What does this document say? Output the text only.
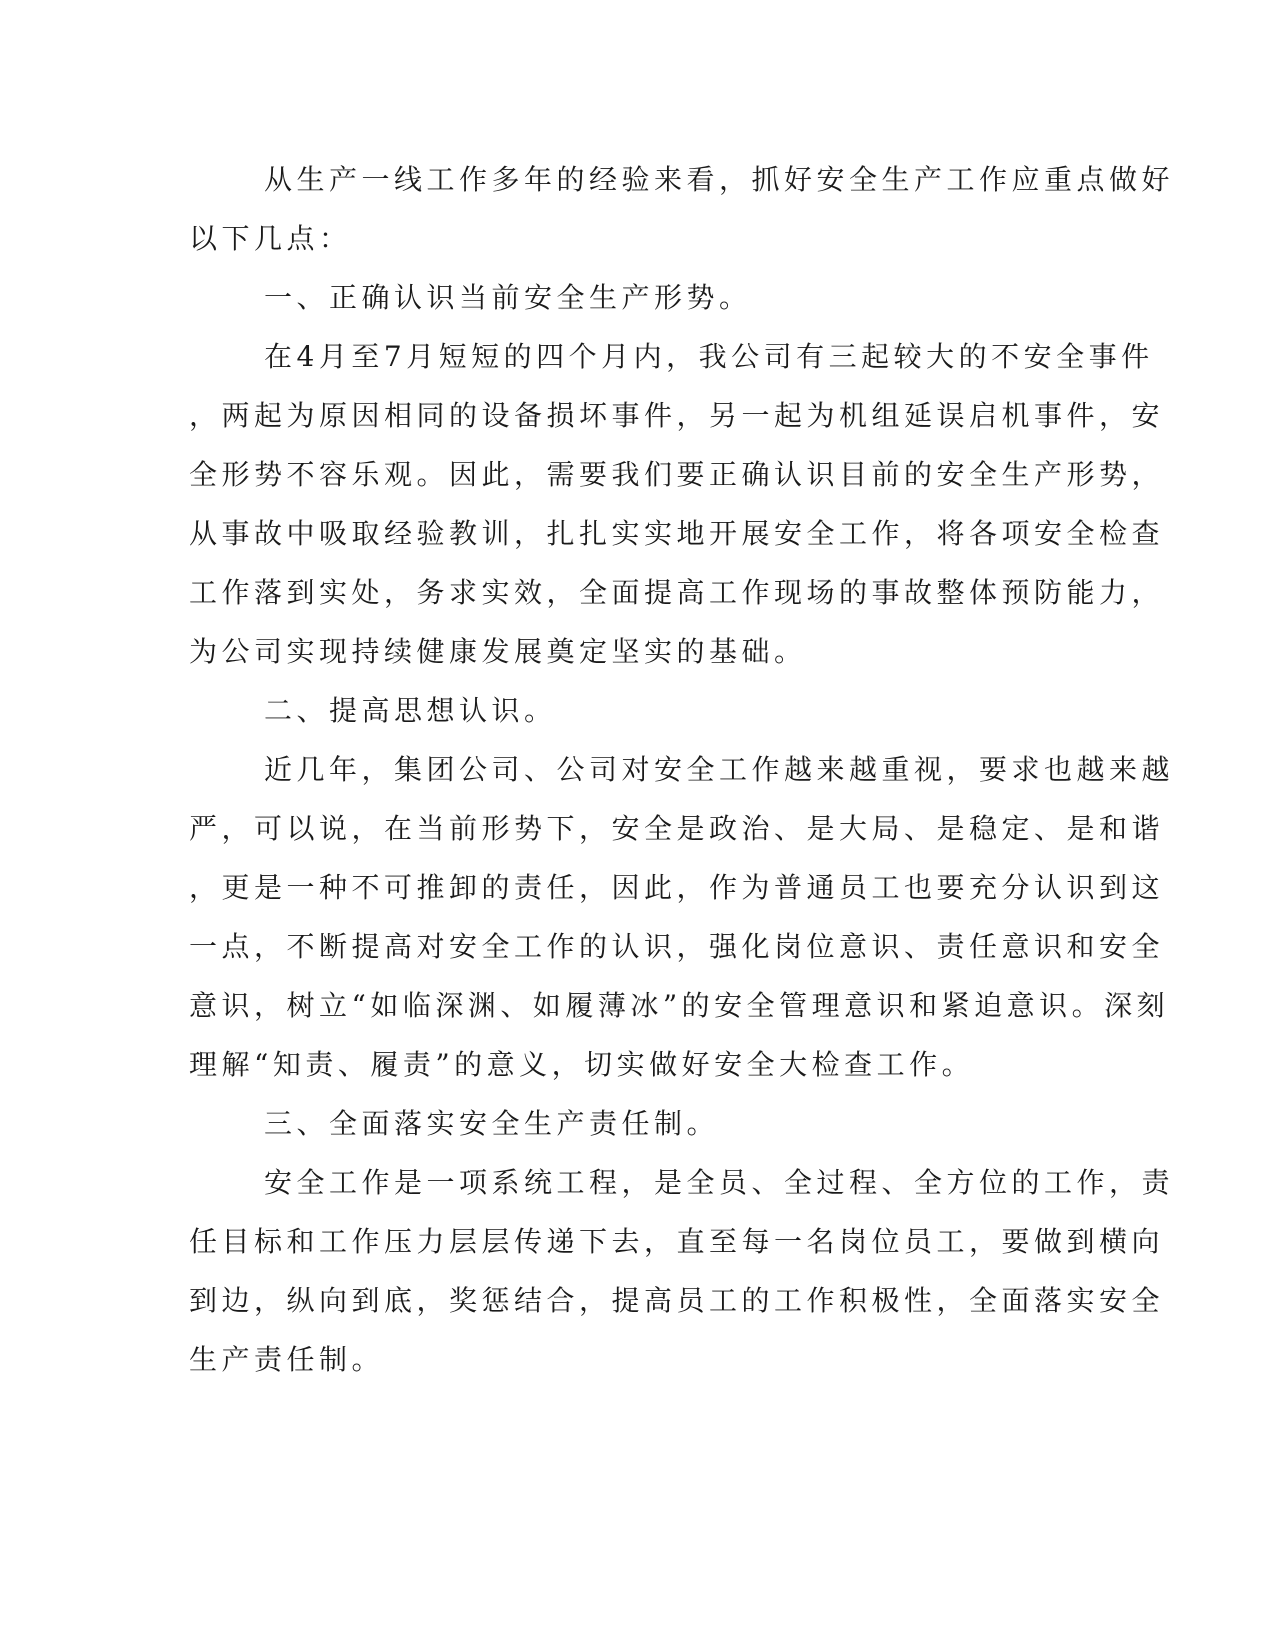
从生产一线工作多年的经验来看，抓好安全生产工作应重点做好

以下几点：

一、正确认识当前安全生产形势。

在4月至7月短短的四个月内，我公司有三起较大的不安全事件

，两起为原因相同的设备损坏事件，另一起为机组延误启机事件，安

全形势不容乐观。因此，需要我们要正确认识目前的安全生产形势，

从事故中吸取经验教训，扎扎实实地开展安全工作，将各项安全检查

工作落到实处，务求实效，全面提高工作现场的事故整体预防能力，

为公司实现持续健康发展奠定坚实的基础。

二、提高思想认识。

近几年，集团公司、公司对安全工作越来越重视，要求也越来越

严，可以说，在当前形势下，安全是政治、是大局、是稳定、是和谐

，更是一种不可推卸的责任，因此，作为普通员工也要充分认识到这

一点，不断提高对安全工作的认识，强化岗位意识、责任意识和安全

意识，树立“如临深渊、如履薄冰”的安全管理意识和紧迫意识。深刻

理解“知责、履责”的意义，切实做好安全大检查工作。

三、全面落实安全生产责任制。

安全工作是一项系统工程，是全员、全过程、全方位的工作，责

任目标和工作压力层层传递下去，直至每一名岗位员工，要做到横向

到边，纵向到底，奖惩结合，提高员工的工作积极性，全面落实安全

生产责任制。
